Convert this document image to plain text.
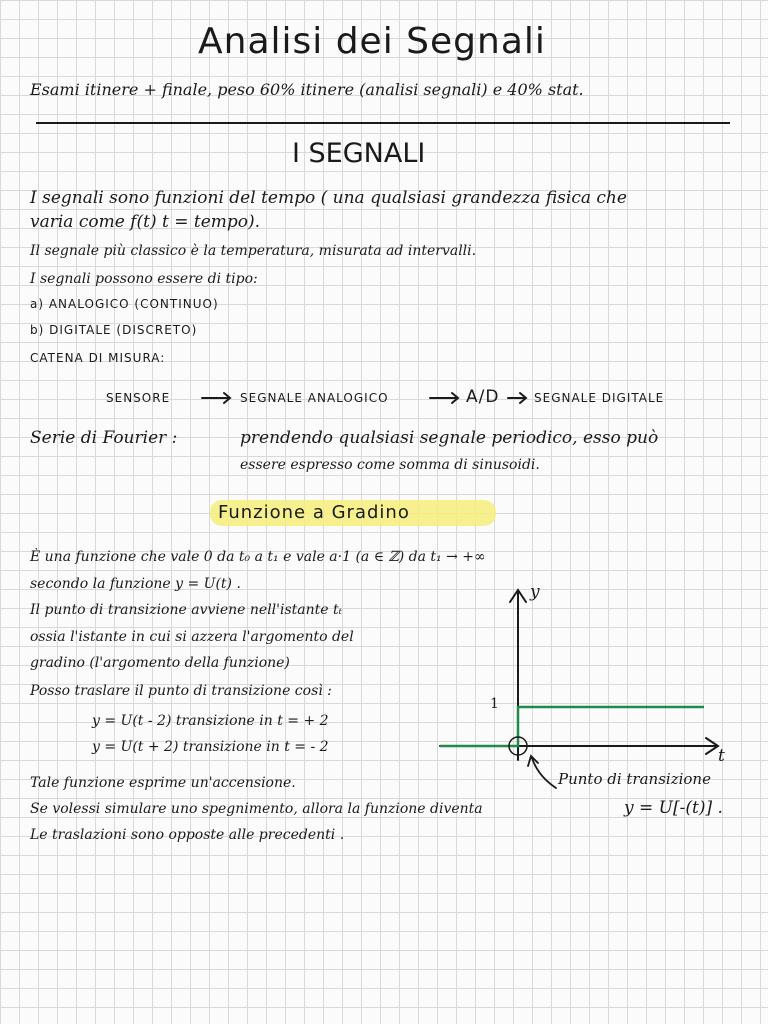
Analisi dei Segnali
Esami itinere + finale, peso 60% itinere (analisi segnali) e 40% stat.
I SEGNALI
I segnali sono funzioni del tempo ( una qualsiasi grandezza fisica che
varia come f(t) t = tempo).
Il segnale più classico è la temperatura, misurata ad intervalli.
I segnali possono essere di tipo:
a) ANALOGICO (CONTINUO)
b) DIGITALE (DISCRETO)
CATENA DI MISURA:
SENSORE	SEGNALE ANALOGICO	A/D	SEGNALE DIGITALE
Serie di Fourier :	prendendo qualsiasi segnale periodico, esso può
essere espresso come somma di sinusoidi.
Funzione a Gradino
È una funzione che vale 0 da t₀ a t₁ e vale a·1 (a ∈ ℤ) da t₁ → +∞
secondo la funzione y = U(t) .
Il punto di transizione avviene nell'istante tₜ
ossia l'istante in cui si azzera l'argomento del
gradino (l'argomento della funzione)
Posso traslare il punto di transizione così :
y = U(t - 2) transizione in t = + 2
y = U(t + 2) transizione in t = - 2
Tale funzione esprime un'accensione.
Se volessi simulare uno spegnimento, allora la funzione diventa	y = U[-(t)] .
Le traslazioni sono opposte alle precedenti .
y
t
1
Punto di transizione
